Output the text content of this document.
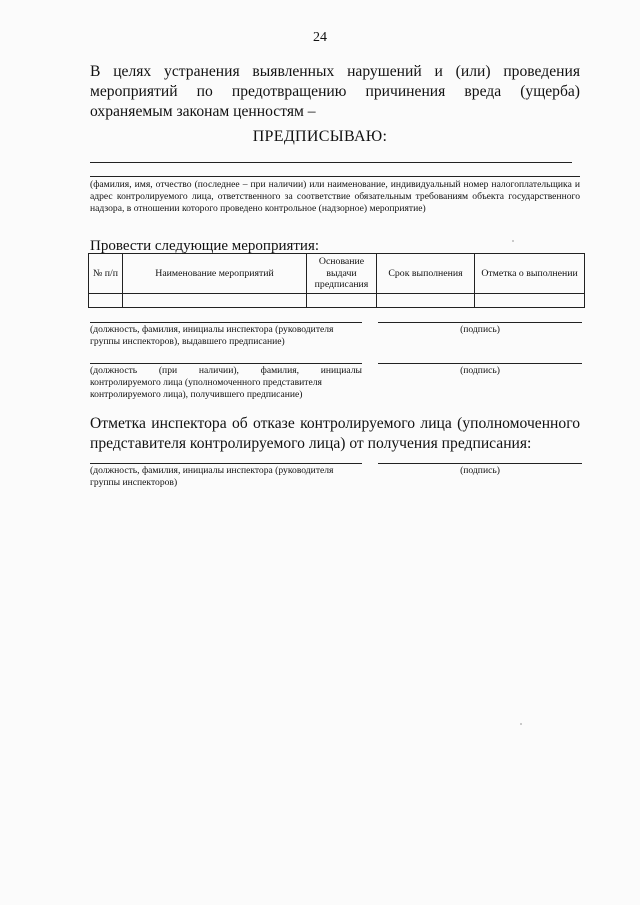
24
В целях устранения выявленных нарушений и (или) проведения мероприятий по предотвращению причинения вреда (ущерба) охраняемым законам ценностям –
ПРЕДПИСЫВАЮ:
(фамилия, имя, отчество (последнее – при наличии) или наименование, индивидуальный номер налогоплательщика и адрес контролируемого лица, ответственного за соответствие обязательным требованиям объекта государственного надзора, в отношении которого проведено контрольное (надзорное) мероприятие)
Провести следующие мероприятия:
№ п/п	Наименование мероприятий	Основание выдачи предписания	Срок выполнения	Отметка о выполнении

(должность, фамилия, инициалы инспектора (руководителя группы инспекторов), выдавшего предписание)
(подпись)
(должность (при наличии), фамилия, инициалы
контролируемого лица (уполномоченного представителя
контролируемого лица), получившего предписание)
(подпись)
Отметка инспектора об отказе контролируемого лица (уполномоченного представителя контролируемого лица) от получения предписания:
(должность, фамилия, инициалы инспектора (руководителя группы инспекторов)
(подпись)
